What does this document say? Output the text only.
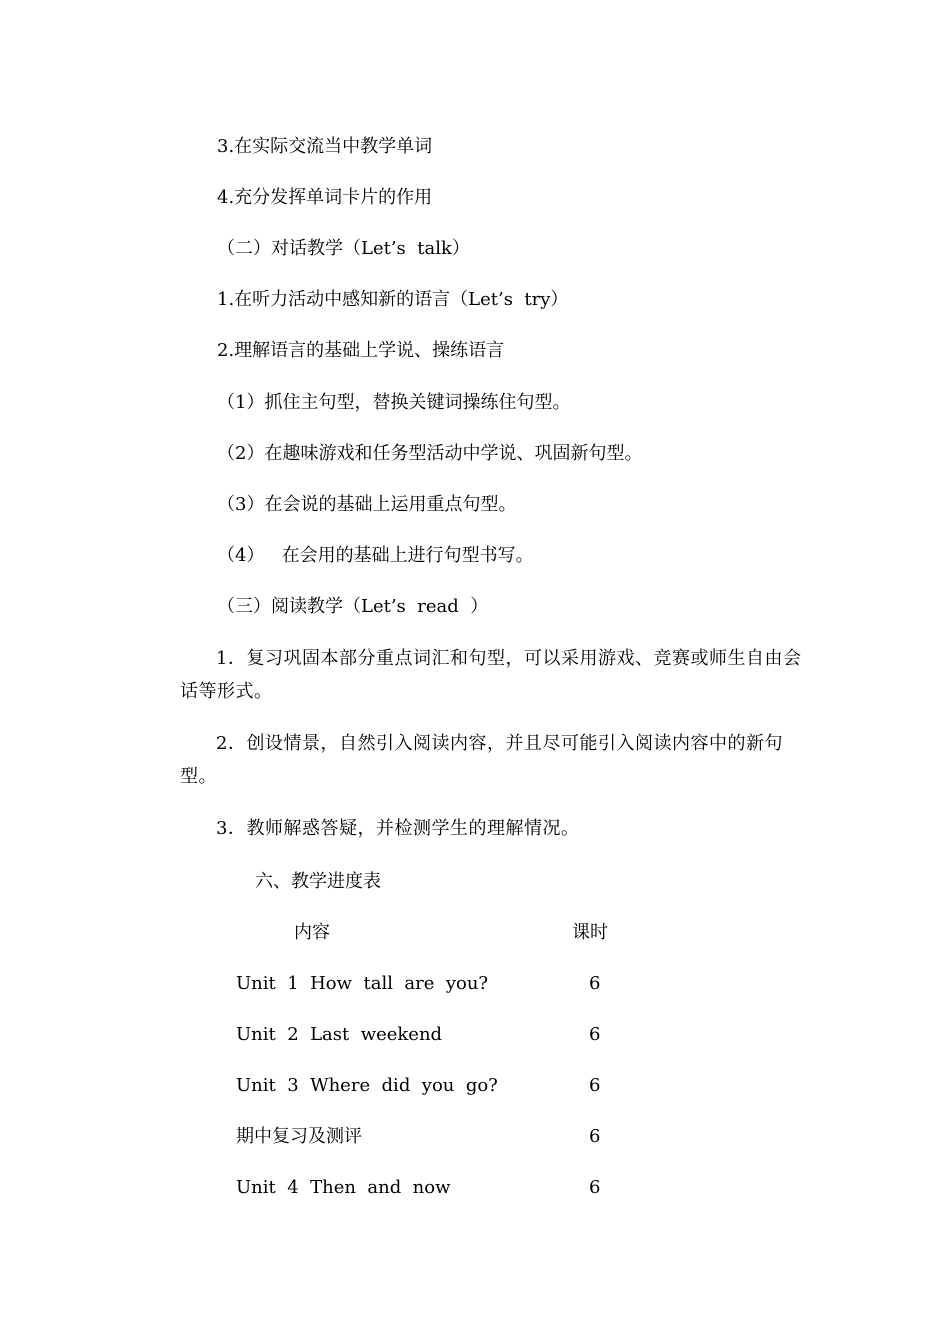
3.在实际交流当中教学单词
4.充分发挥单词卡片的作用
（二）对话教学（Let’s  talk）
1.在听力活动中感知新的语言（Let’s  try）
2.理解语言的基础上学说、操练语言
（1）抓住主句型，替换关键词操练住句型。
（2）在趣味游戏和任务型活动中学说、巩固新句型。
（3）在会说的基础上运用重点句型。
（4）   在会用的基础上进行句型书写。
（三）阅读教学（Let’s  read  ）
1．复习巩固本部分重点词汇和句型，可以采用游戏、竞赛或师生自由会话等形式。
2．创设情景，自然引入阅读内容，并且尽可能引入阅读内容中的新句型。
3．教师解惑答疑，并检测学生的理解情况。
六、教学进度表
内容	课时
Unit  1  How  tall  are  you?	6
Unit  2  Last  weekend	6
Unit  3  Where  did  you  go?	6
期中复习及测评	6
Unit  4  Then  and  now	6
